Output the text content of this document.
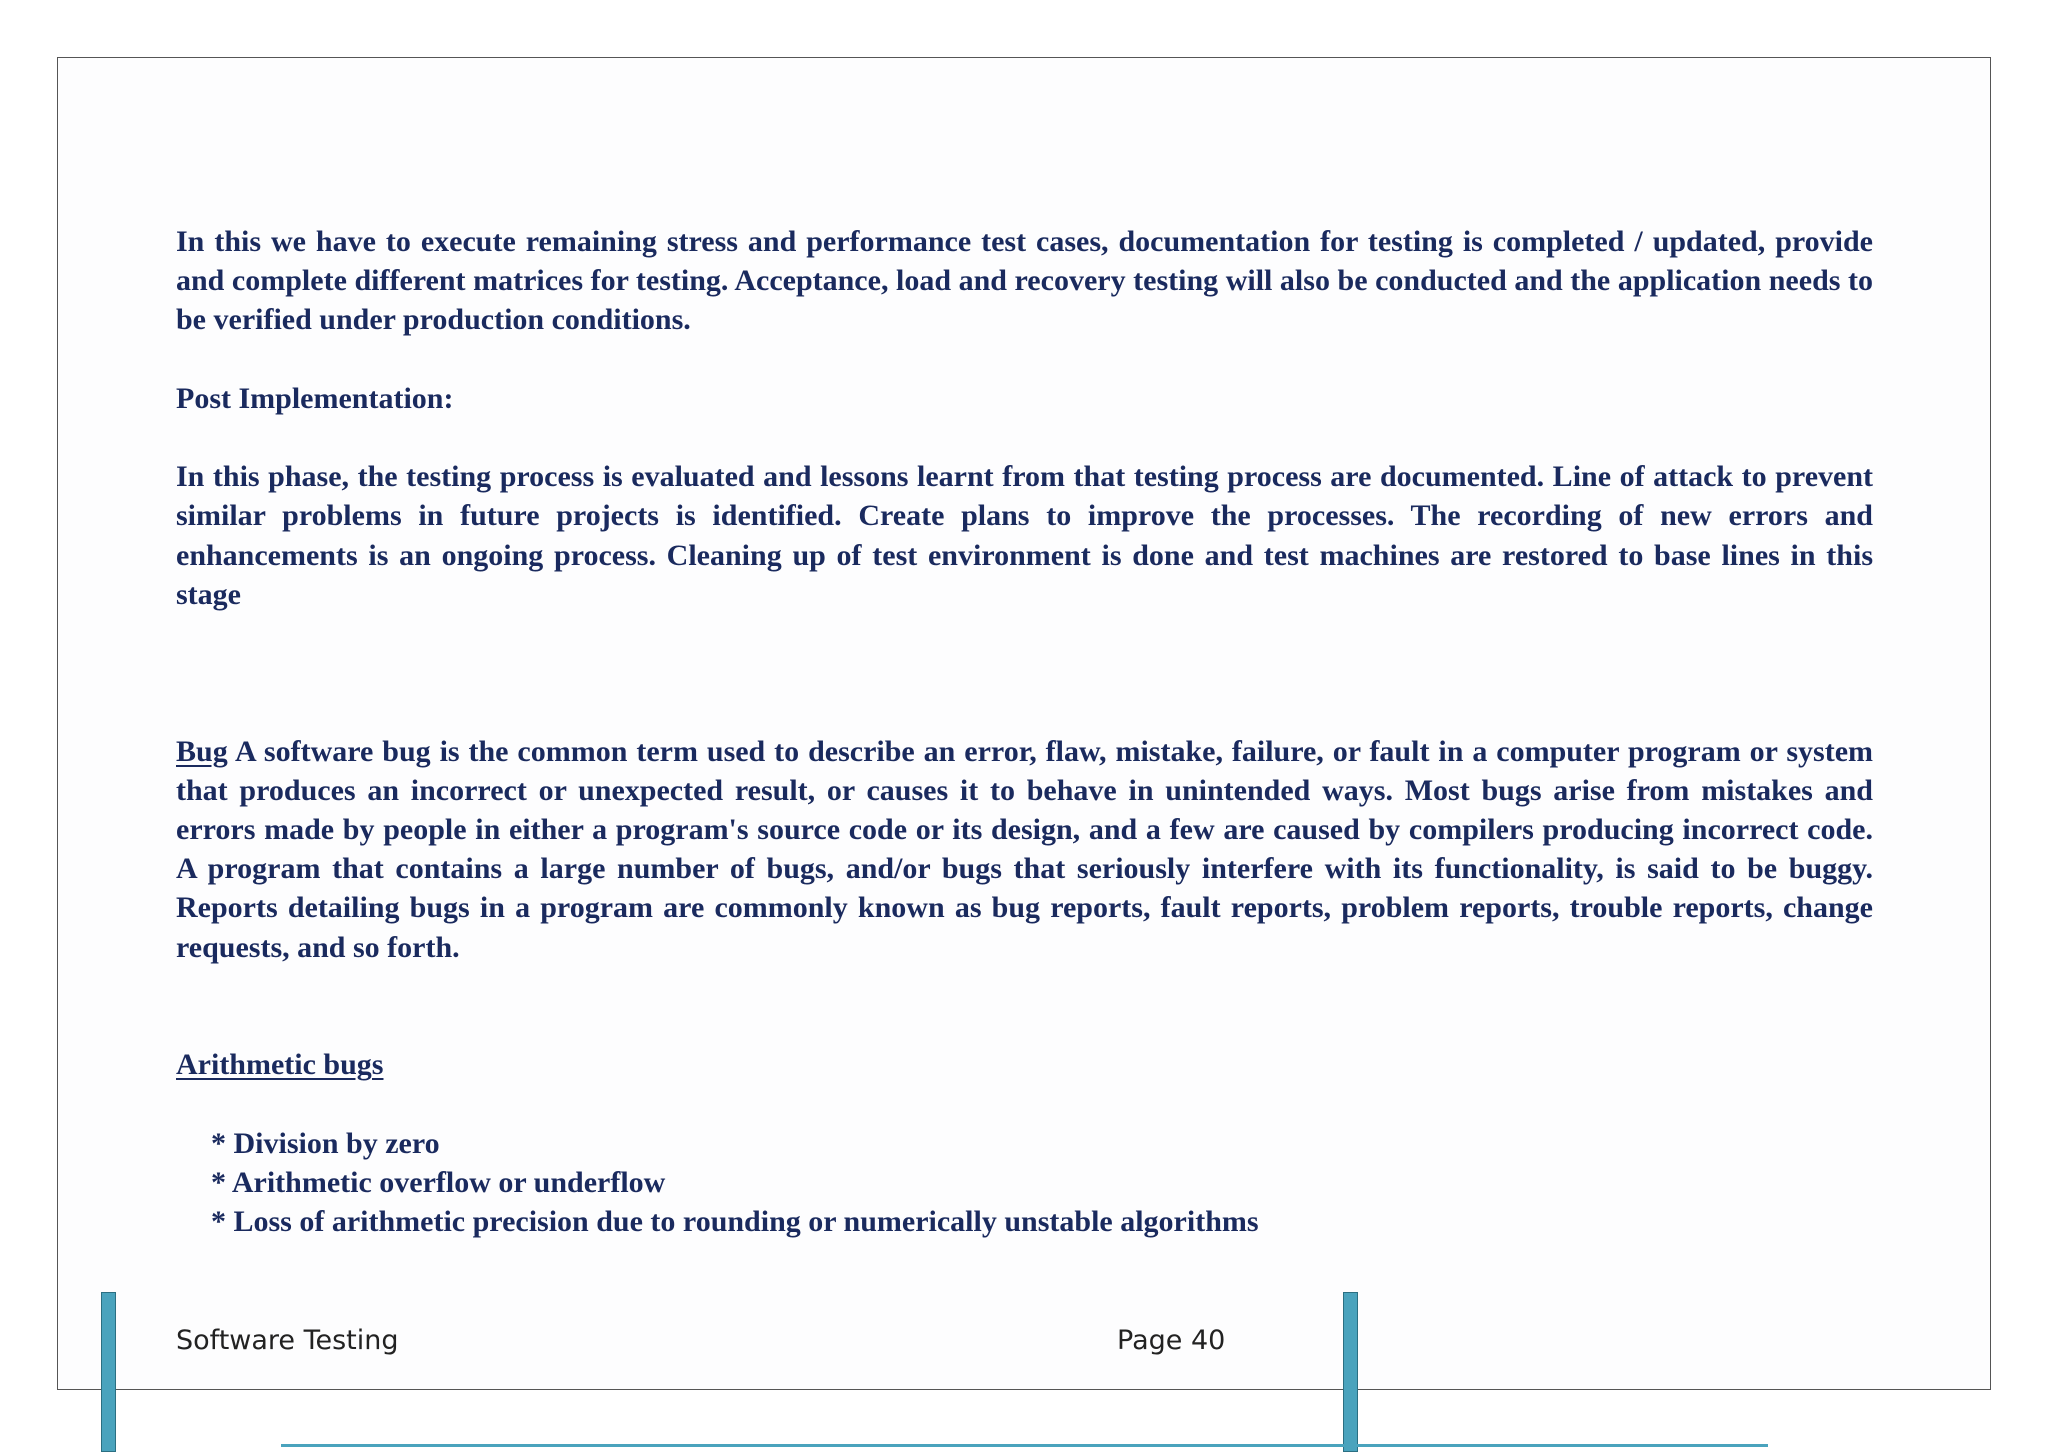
In this we have to execute remaining stress and performance test cases, documentation for testing is completed / updated, provide and complete different matrices for testing. Acceptance, load and recovery testing will also be conducted and the application needs to be verified under production conditions.

Post Implementation:

In this phase, the testing process is evaluated and lessons learnt from that testing process are documented. Line of attack to prevent similar problems in future projects is identified. Create plans to improve the processes. The recording of new errors and enhancements is an ongoing process. Cleaning up of test environment is done and test machines are restored to base lines in this stage

Bug A software bug is the common term used to describe an error, flaw, mistake, failure, or fault in a computer program or system that produces an incorrect or unexpected result, or causes it to behave in unintended ways. Most bugs arise from mistakes and errors made by people in either a program's source code or its design, and a few are caused by compilers producing incorrect code. A program that contains a large number of bugs, and/or bugs that seriously interfere with its functionality, is said to be buggy. Reports detailing bugs in a program are commonly known as bug reports, fault reports, problem reports, trouble reports, change requests, and so forth.

Arithmetic bugs

* Division by zero

* Arithmetic overflow or underflow

* Loss of arithmetic precision due to rounding or numerically unstable algorithms

Software Testing	Page 40
